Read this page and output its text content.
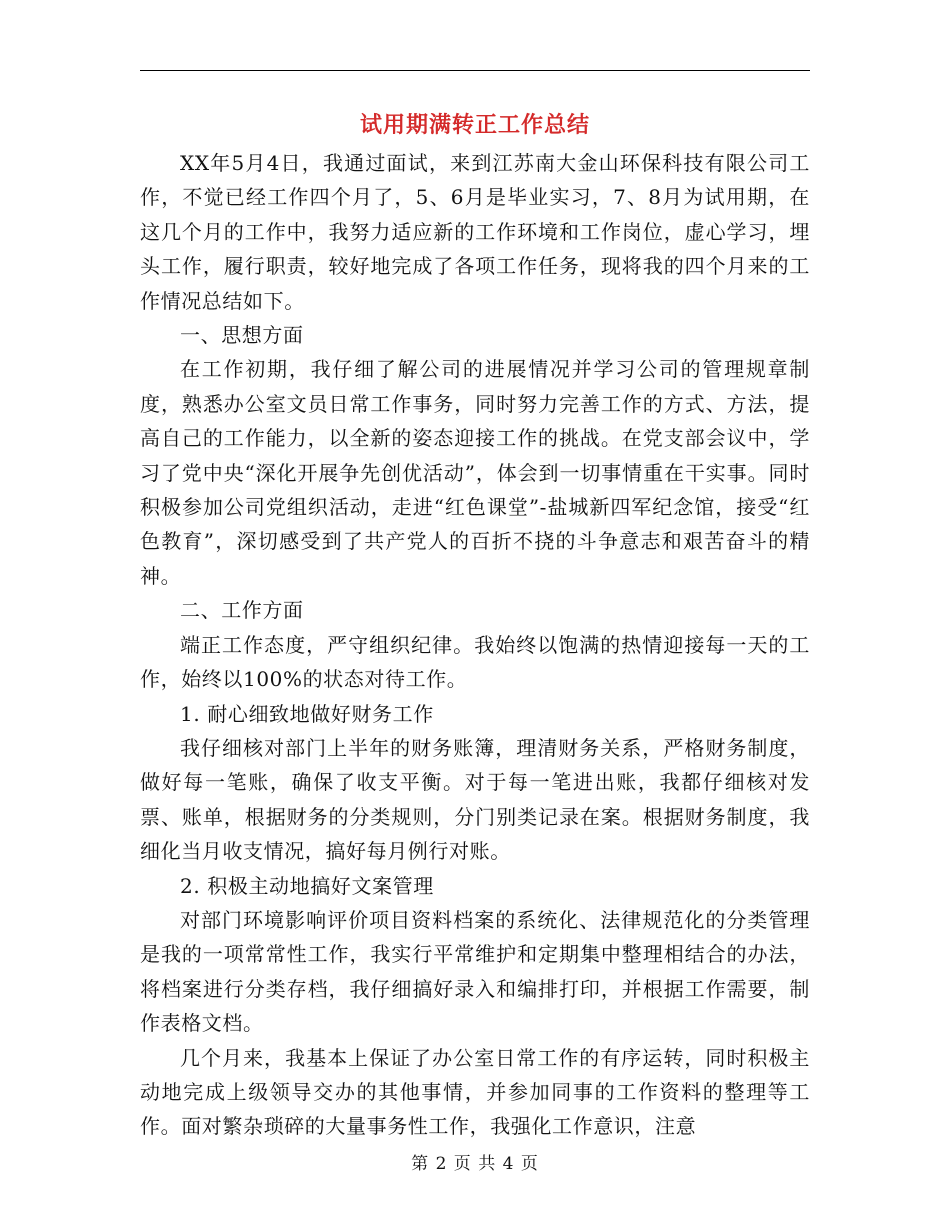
试用期满转正工作总结

XX年5月4日，我通过面试，来到江苏南大金山环保科技有限公司工作，不觉已经工作四个月了，5、6月是毕业实习，7、8月为试用期，在这几个月的工作中，我努力适应新的工作环境和工作岗位，虚心学习，埋头工作，履行职责，较好地完成了各项工作任务，现将我的四个月来的工作情况总结如下。

一、思想方面

在工作初期，我仔细了解公司的进展情况并学习公司的管理规章制度，熟悉办公室文员日常工作事务，同时努力完善工作的方式、方法，提高自己的工作能力，以全新的姿态迎接工作的挑战。在党支部会议中，学习了党中央“深化开展争先创优活动”，体会到一切事情重在干实事。同时积极参加公司党组织活动，走进“红色课堂”-盐城新四军纪念馆，接受“红色教育”，深切感受到了共产党人的百折不挠的斗争意志和艰苦奋斗的精神。

二、工作方面

端正工作态度，严守组织纪律。我始终以饱满的热情迎接每一天的工作，始终以100%的状态对待工作。

1. 耐心细致地做好财务工作

我仔细核对部门上半年的财务账簿，理清财务关系，严格财务制度，做好每一笔账，确保了收支平衡。对于每一笔进出账，我都仔细核对发票、账单，根据财务的分类规则，分门别类记录在案。根据财务制度，我细化当月收支情况，搞好每月例行对账。

2. 积极主动地搞好文案管理

对部门环境影响评价项目资料档案的系统化、法律规范化的分类管理是我的一项常常性工作，我实行平常维护和定期集中整理相结合的办法，将档案进行分类存档，我仔细搞好录入和编排打印，并根据工作需要，制作表格文档。

几个月来，我基本上保证了办公室日常工作的有序运转，同时积极主动地完成上级领导交办的其他事情，并参加同事的工作资料的整理等工作。面对繁杂琐碎的大量事务性工作，我强化工作意识，注意

第 2 页 共 4 页
